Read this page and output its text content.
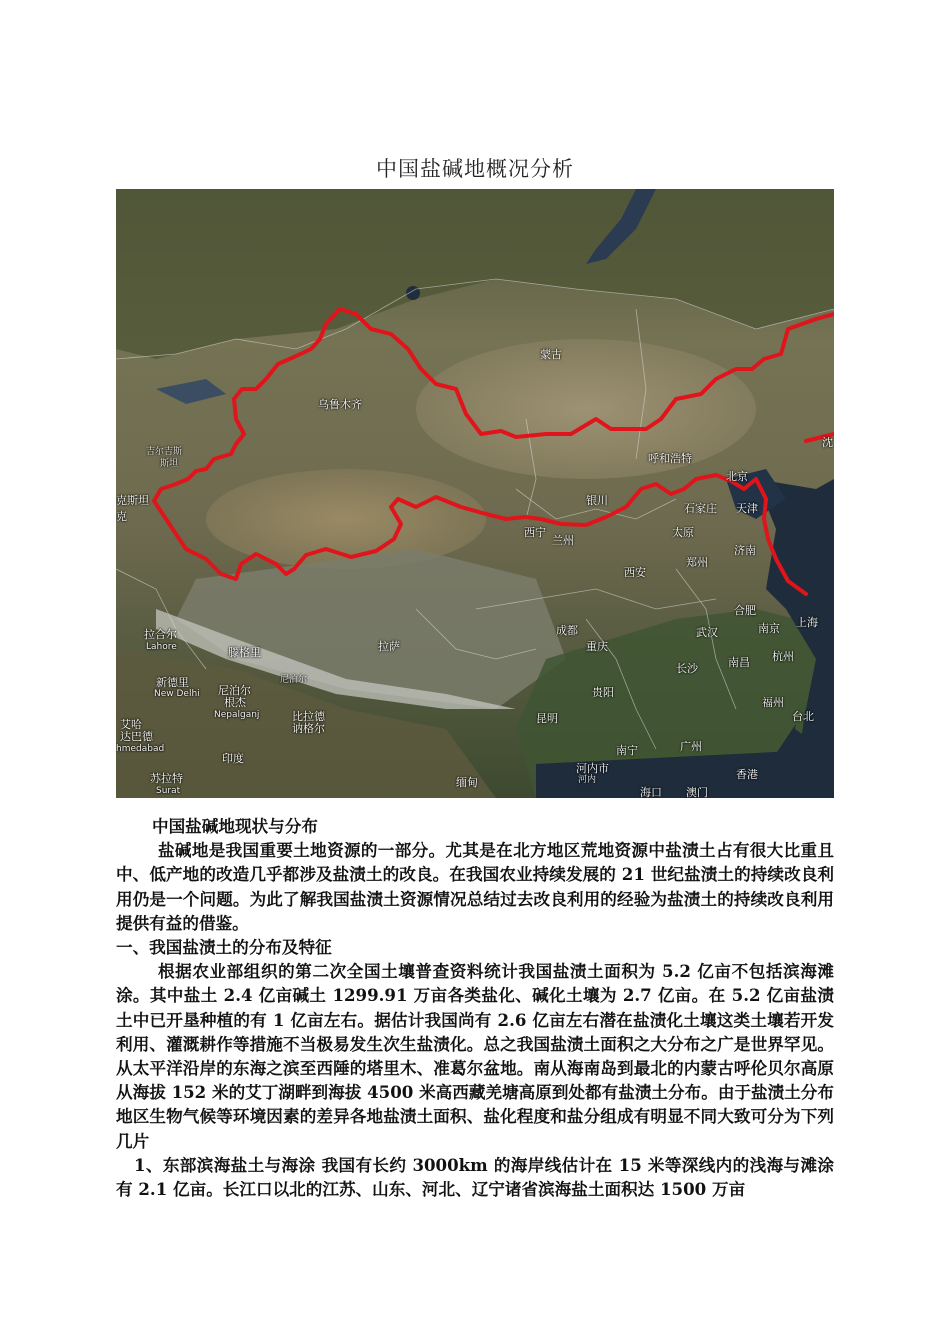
中国盐碱地概况分析
蒙古
乌鲁木齐
吉尔吉斯
斯坦
克斯坦
克
呼和浩特
北京
沈
天津
石家庄
银川
太原
济南
西宁
兰州
郑州
西安
合肥
上海
南京
成都	武汉
杭州
拉合尔
Lahore	重庆
拉萨
长沙	南昌
滕格里
尼泊尔
新德里
New Delhi 尼泊尔
根杰
Nepalganj	比拉德
讷格尔
贵阳
福州
台北
艾哈
达巴德
hmedabad
昆明
印度
南宁	广州
河内市
河内	香港
苏拉特
Surat
缅甸
海口 澳门

中国盐碱地现状与分布

盐碱地是我国重要土地资源的一部分。尤其是在北方地区荒地资源中盐渍土占有很大比重且中、低产地的改造几乎都涉及盐渍土的改良。在我国农业持续发展的 21 世纪盐渍土的持续改良利用仍是一个问题。为此了解我国盐渍土资源情况总结过去改良利用的经验为盐渍土的持续改良利用提供有益的借鉴。

一、我国盐渍土的分布及特征

根据农业部组织的第二次全国土壤普查资料统计我国盐渍土面积为 5.2 亿亩不包括滨海滩涂。其中盐土 2.4 亿亩碱土 1299.91 万亩各类盐化、碱化土壤为 2.7 亿亩。在 5.2 亿亩盐渍土中已开垦种植的有 1 亿亩左右。据估计我国尚有 2.6 亿亩左右潜在盐渍化土壤这类土壤若开发利用、灌溉耕作等措施不当极易发生次生盐渍化。总之我国盐渍土面积之大分布之广是世界罕见。从太平洋沿岸的东海之滨至西陲的塔里木、准葛尔盆地。南从海南岛到最北的内蒙古呼伦贝尔高原从海拔 152 米的艾丁湖畔到海拔 4500 米高西藏羌塘高原到处都有盐渍土分布。由于盐渍土分布地区生物气候等环境因素的差异各地盐渍土面积、盐化程度和盐分组成有明显不同大致可分为下列几片

1、东部滨海盐土与海涂 我国有长约 3000km 的海岸线估计在 15 米等深线内的浅海与滩涂有 2.1 亿亩。长江口以北的江苏、山东、河北、辽宁诸省滨海盐土面积达 1500 万亩
